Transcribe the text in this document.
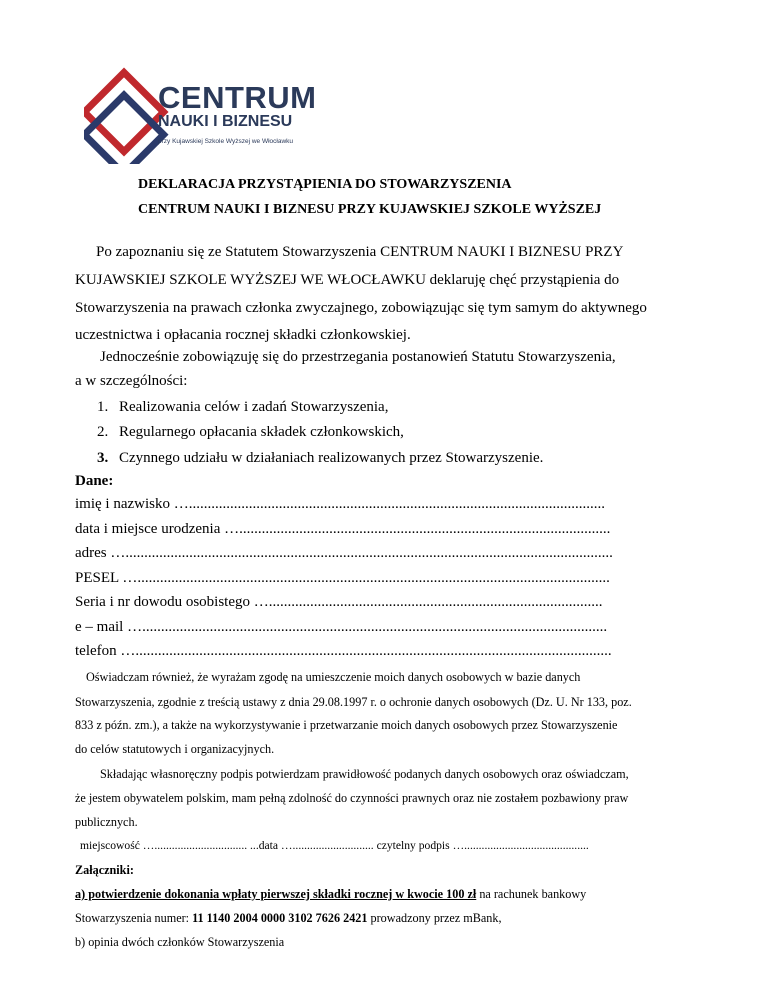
CENTRUM
NAUKI I BIZNESU
przy Kujawskiej Szkole Wyższej we Włocławku
DEKLARACJA PRZYSTĄPIENIA DO STOWARZYSZENIA
CENTRUM NAUKI I BIZNESU PRZY KUJAWSKIEJ SZKOLE WYŻSZEJ
Po zapoznaniu się ze Statutem Stowarzyszenia CENTRUM NAUKI I BIZNESU PRZY
KUJAWSKIEJ SZKOLE WYŻSZEJ WE WŁOCŁAWKU deklaruję chęć przystąpienia do
Stowarzyszenia na prawach członka zwyczajnego, zobowiązując się tym samym do aktywnego
uczestnictwa i opłacania rocznej składki członkowskiej.
Jednocześnie zobowiązuję się do przestrzegania postanowień Statutu Stowarzyszenia,
a w szczególności:
1. Realizowania celów i zadań Stowarzyszenia,
2. Regularnego opłacania składek członkowskich,
3. Czynnego udziału w działaniach realizowanych przez Stowarzyszenie.
Dane:
imię i nazwisko …...............................................................................................................
data i miejsce urodzenia …...................................................................................................
adres …..................................................................................................................................
PESEL …..............................................................................................................................
Seria i nr dowodu osobistego ….........................................................................................
e – mail …............................................................................................................................
telefon …...............................................................................................................................
Oświadczam również, że wyrażam zgodę na umieszczenie moich danych osobowych w bazie danych
Stowarzyszenia, zgodnie z treścią ustawy z dnia 29.08.1997 r. o ochronie danych osobowych (Dz. U. Nr 133, poz.
833 z późn. zm.), a także na wykorzystywanie i przetwarzanie moich danych osobowych przez Stowarzyszenie
do celów statutowych i organizacyjnych.
Składając własnoręczny podpis potwierdzam prawidłowość podanych danych osobowych oraz oświadczam,
że jestem obywatelem polskim, mam pełną zdolność do czynności prawnych oraz nie zostałem pozbawiony praw
publicznych.
miejscowość …................................ ...data …............................ czytelny podpis …...........................................
Załączniki:
a) potwierdzenie dokonania wpłaty pierwszej składki rocznej w kwocie 100 zł na rachunek bankowy
Stowarzyszenia numer: 11 1140 2004 0000 3102 7626 2421 prowadzony przez mBank,
b) opinia dwóch członków Stowarzyszenia
